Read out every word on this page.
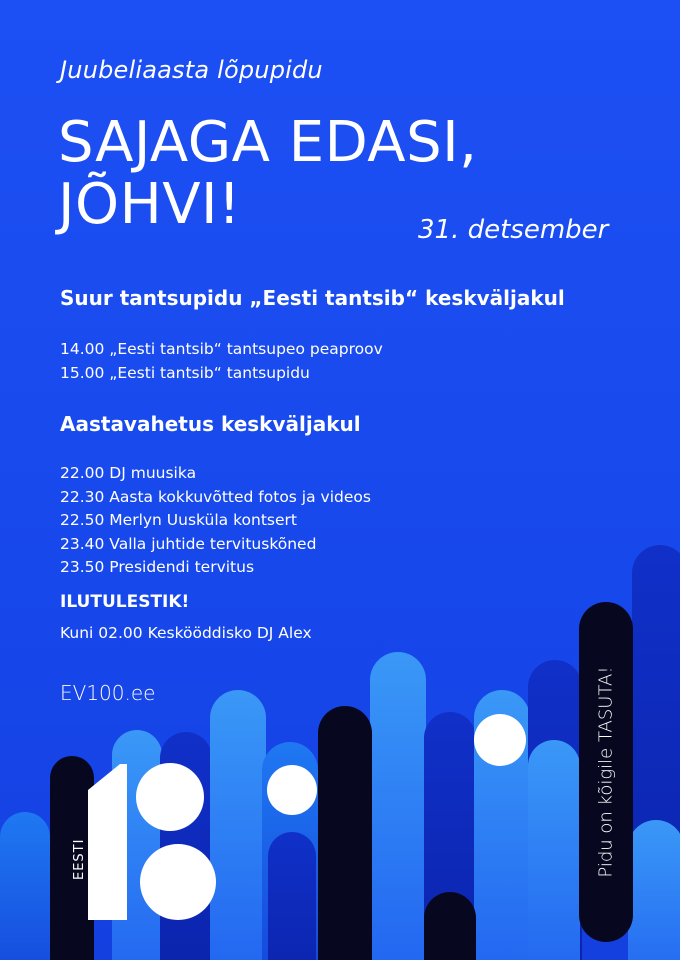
Juubeliaasta lõpupidu
SAJAGA EDASI,
JÕHVI!	31. detsember
Suur tantsupidu „Eesti tantsib“ keskväljakul
14.00 „Eesti tantsib“ tantsupeo peaproov
15.00 „Eesti tantsib“ tantsupidu
Aastavahetus keskväljakul
22.00 DJ muusika
22.30 Aasta kokkuvõtted fotos ja videos
22.50 Merlyn Uusküla kontsert
23.40 Valla juhtide tervituskõned
23.50 Presidendi tervitus
ILUTULESTIK!
Kuni 02.00 Keskööddisko DJ Alex
EV100.ee	Pidu on kõigile TASUTA!
EESTI
